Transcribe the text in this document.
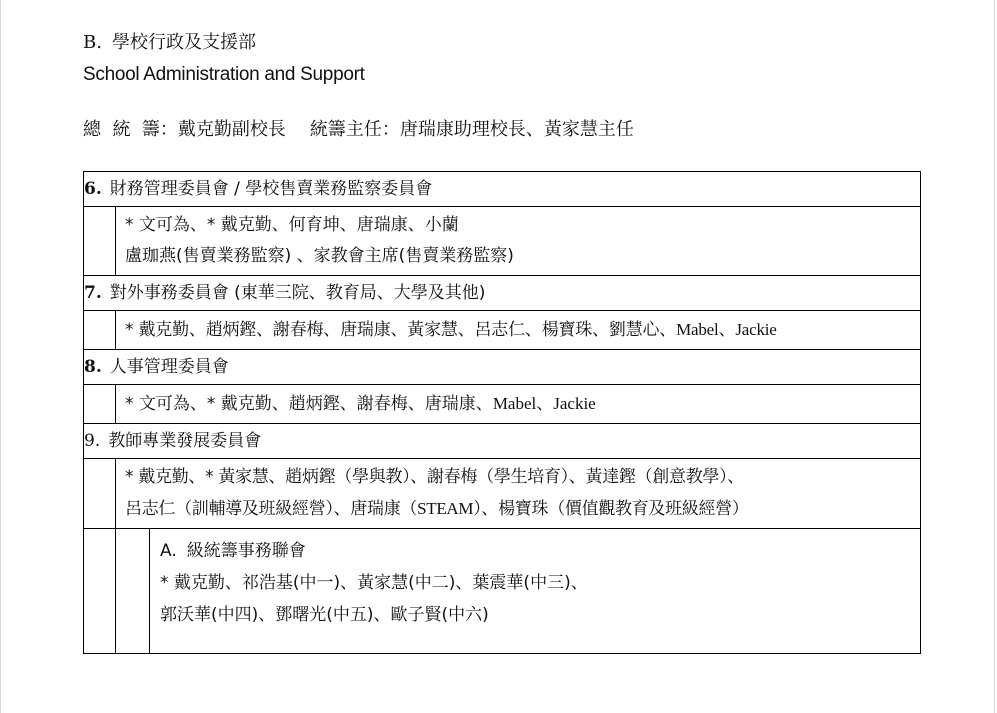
B. 學校行政及支援部
School Administration and Support
總  統  籌：戴克勤副校長 統籌主任：唐瑞康助理校長、黃家慧主任
6. 財務管理委員會 / 學校售賣業務監察委員會

* 文可為、* 戴克勤、何育坤、唐瑞康、小蘭
盧珈燕(售賣業務監察) 、家教會主席(售賣業務監察)

7. 對外事務委員會 (東華三院、教育局、大學及其他)
	* 戴克勤、趙炳鏗、謝春梅、唐瑞康、黃家慧、呂志仁、楊寶珠、劉慧心、Mabel、Jackie
8. 人事管理委員會
	* 文可為、* 戴克勤、趙炳鏗、謝春梅、唐瑞康、Mabel、Jackie
9. 教師專業發展委員會

* 戴克勤、* 黃家慧、趙炳鏗（學與教）、謝春梅（學生培育）、黃達鏗（創意教學）、
呂志仁（訓輔導及班級經營）、唐瑞康（STEAM）、楊寶珠（價值觀教育及班級經營）

A. 級統籌事務聯會
* 戴克勤、祁浩基(中一)、黃家慧(中二)、葉震華(中三)、
郭沃華(中四)、鄧曙光(中五)、歐子賢(中六)
